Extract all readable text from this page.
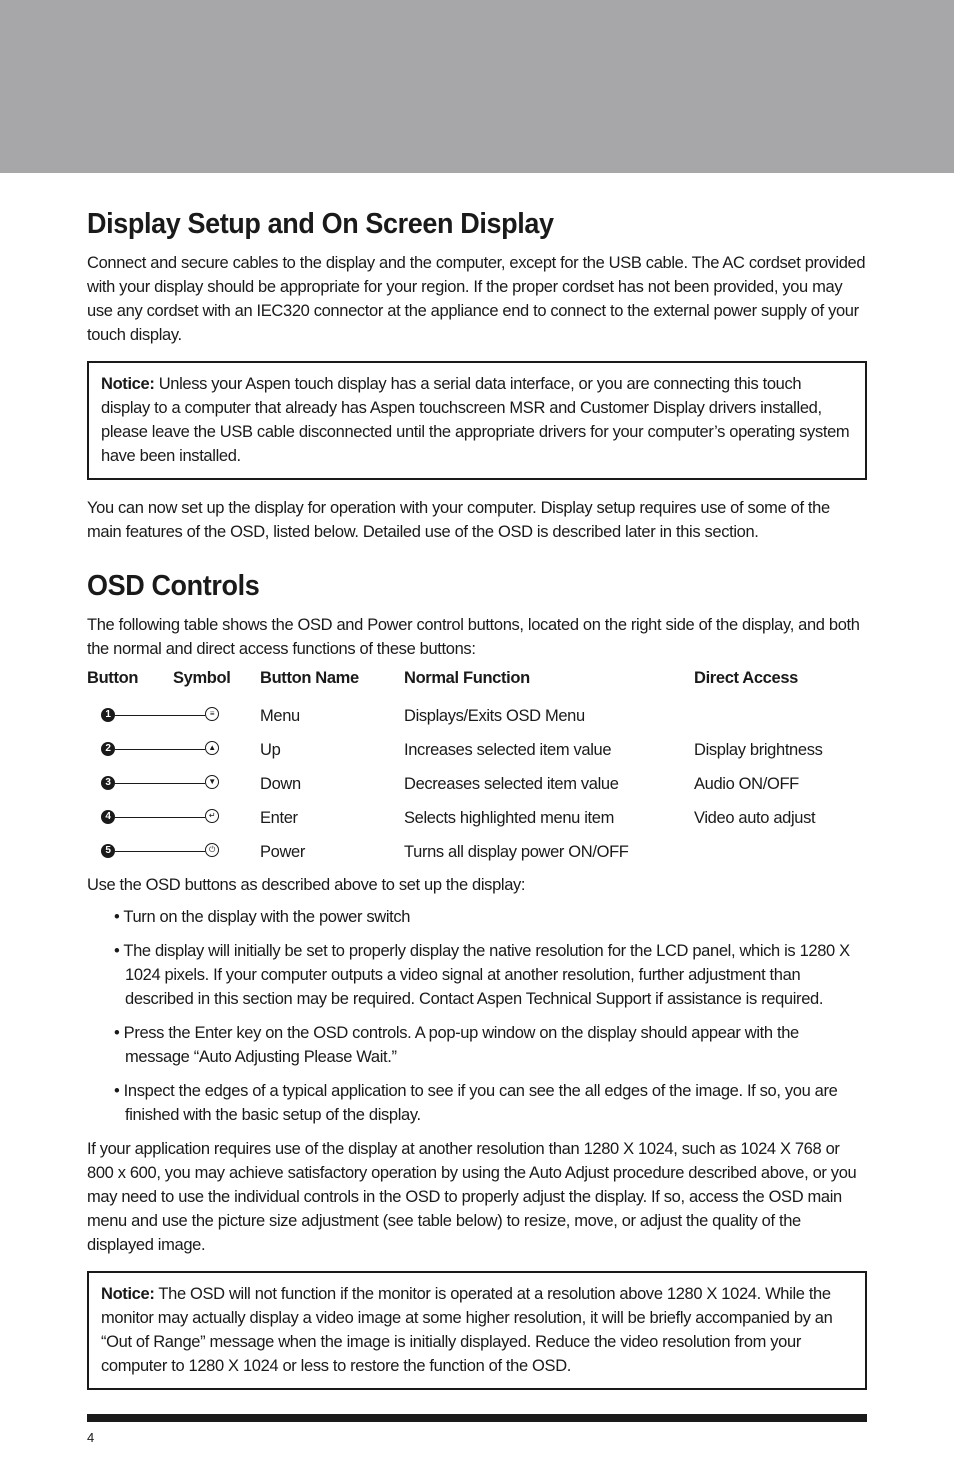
Display Setup and On Screen Display

Connect and secure cables to the display and the computer, except for the USB cable. The AC cordset provided with your display should be appropriate for your region. If the proper cordset has not been provided, you may use any cordset with an IEC320 connector at the appliance end to connect to the external power supply of your touch display.

Notice: Unless your Aspen touch display has a serial data interface, or you are connecting this touch display to a computer that already has Aspen touchscreen MSR and Customer Display drivers installed, please leave the USB cable disconnected until the appropriate drivers for your computer’s operating system have been installed.

You can now set up the display for operation with your computer. Display setup requires use of some of the main features of the OSD, listed below. Detailed use of the OSD is described later in this section.

OSD Controls

The following table shows the OSD and Power control buttons, located on the right side of the display, and both the normal and direct access functions of these buttons:

Button	Symbol	Button Name	Normal Function	Direct Access

1 ≡		Menu	Displays/Exits OSD Menu	

2 ▲		Up	Increases selected item value	Display brightness

3 ▼		Down	Decreases selected item value	Audio ON/OFF

4 ↵		Enter	Selects highlighted menu item	Video auto adjust

5 ⏻		Power	Turns all display power ON/OFF	

Use the OSD buttons as described above to set up the display:

• Turn on the display with the power switch
• The display will initially be set to properly display the native resolution for the LCD panel, which is 1280 X 1024 pixels. If your computer outputs a video signal at another resolution, further adjustment than described in this section may be required. Contact Aspen Technical Support if assistance is required.
• Press the Enter key on the OSD controls. A pop-up window on the display should appear with the message “Auto Adjusting Please Wait.”
• Inspect the edges of a typical application to see if you can see the all edges of the image. If so, you are finished with the basic setup of the display.

If your application requires use of the display at another resolution than 1280 X 1024, such as 1024 X 768 or 800 x 600, you may achieve satisfactory operation by using the Auto Adjust procedure described above, or you may need to use the individual controls in the OSD to properly adjust the display. If so, access the OSD main menu and use the picture size adjustment (see table below) to resize, move, or adjust the quality of the displayed image.

Notice: The OSD will not function if the monitor is operated at a resolution above 1280 X 1024. While the monitor may actually display a video image at some higher resolution, it will be briefly accompanied by an “Out of Range” message when the image is initially displayed. Reduce the video resolution from your computer to 1280 X 1024 or less to restore the function of the OSD.

4
